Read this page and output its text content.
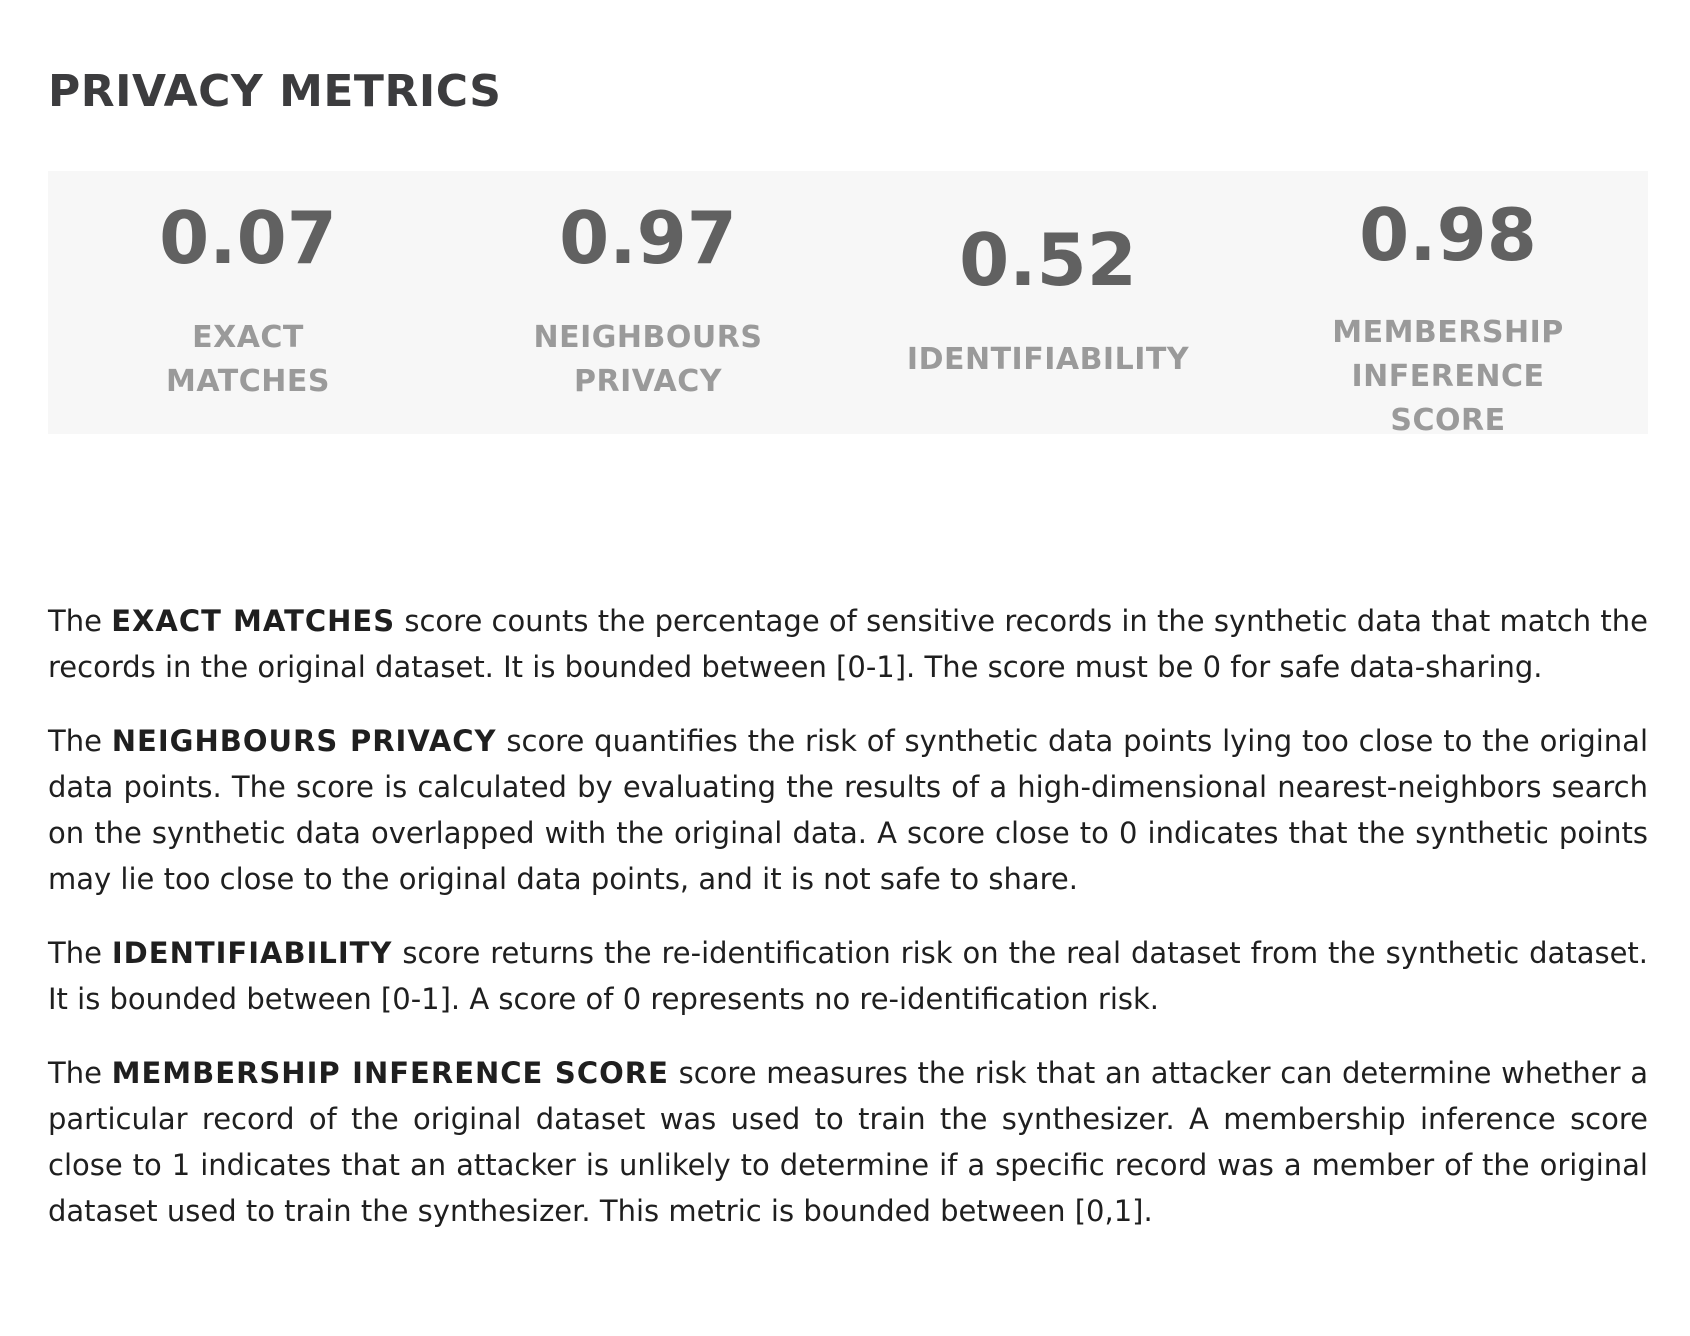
PRIVACY METRICS
0.07
EXACT MATCHES
0.97
NEIGHBOURS PRIVACY
0.52
IDENTIFIABILITY
0.98
MEMBERSHIP INFERENCE SCORE

The EXACT MATCHES score counts the percentage of sensitive records in the synthetic data that match the records in the original dataset. It is bounded between [0-1]. The score must be 0 for safe data-sharing.

The NEIGHBOURS PRIVACY score quantifies the risk of synthetic data points lying too close to the original data points. The score is calculated by evaluating the results of a high-dimensional nearest-neighbors search on the synthetic data overlapped with the original data. A score close to 0 indicates that the synthetic points may lie too close to the original data points, and it is not safe to share.

The IDENTIFIABILITY score returns the re-identification risk on the real dataset from the synthetic dataset. It is bounded between [0-1]. A score of 0 represents no re-identification risk.

The MEMBERSHIP INFERENCE SCORE score measures the risk that an attacker can determine whether a particular record of the original dataset was used to train the synthesizer. A membership inference score close to 1 indicates that an attacker is unlikely to determine if a specific record was a member of the original dataset used to train the synthesizer. This metric is bounded between [0,1].
